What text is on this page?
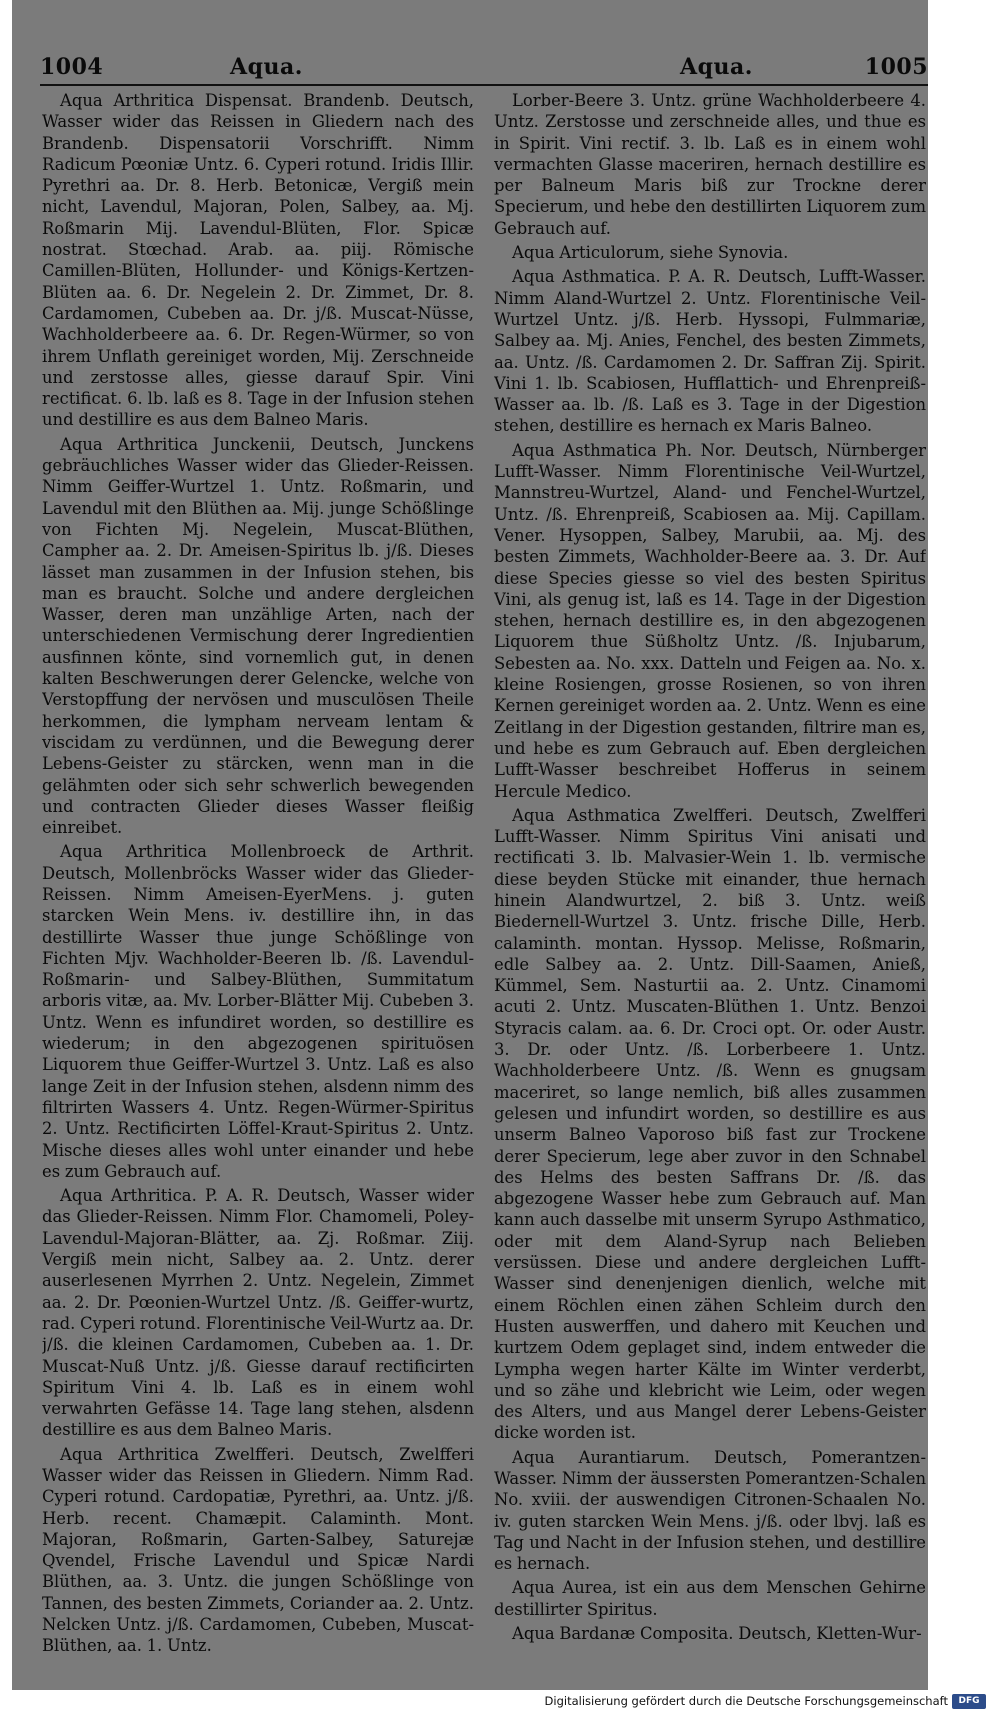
1004	Aqua.	Aqua.	1005

Aqua Arthritica Dispensat. Brandenb. Deutsch, Wasser wider das Reissen in Gliedern nach des Brandenb. Dispensatorii Vorschrifft. Nimm Radicum Pœoniæ Untz. 6. Cyperi rotund. Iridis Illir. Pyrethri aa. Dr. 8. Herb. Betonicæ, Vergiß mein nicht, Lavendul, Majoran, Polen, Salbey, aa. Mj. Roßmarin Mij. Lavendul-Blüten, Flor. Spicæ nostrat. Stœchad. Arab. aa. piij. Römische Camillen-Blüten, Hollunder- und Königs-Kertzen-Blüten aa. 6. Dr. Negelein 2. Dr. Zimmet, Dr. 8. Cardamomen, Cubeben aa. Dr. j/ß. Muscat-Nüsse, Wachholderbeere aa. 6. Dr. Regen-Würmer, so von ihrem Unflath gereiniget worden, Mij. Zerschneide und zerstosse alles, giesse darauf Spir. Vini rectificat. 6. lb. laß es 8. Tage in der Infusion stehen und destillire es aus dem Balneo Maris.

Aqua Arthritica Junckenii, Deutsch, Junckens gebräuchliches Wasser wider das Glieder-Reissen. Nimm Geiffer-Wurtzel 1. Untz. Roßmarin, und Lavendul mit den Blüthen aa. Mij. junge Schößlinge von Fichten Mj. Negelein, Muscat-Blüthen, Campher aa. 2. Dr. Ameisen-Spiritus lb. j/ß. Dieses lässet man zusammen in der Infusion stehen, bis man es braucht. Solche und andere dergleichen Wasser, deren man unzählige Arten, nach der unterschiedenen Vermischung derer Ingredientien ausfinnen könte, sind vornemlich gut, in denen kalten Beschwerungen derer Gelencke, welche von Verstopffung der nervösen und musculösen Theile herkommen, die lympham nerveam lentam & viscidam zu verdünnen, und die Bewegung derer Lebens-Geister zu stärcken, wenn man in die gelähmten oder sich sehr schwerlich bewegenden und contracten Glieder dieses Wasser fleißig einreibet.

Aqua Arthritica Mollenbroeck de Arthrit. Deutsch, Mollenbröcks Wasser wider das Glieder-Reissen. Nimm Ameisen-EyerMens. j. guten starcken Wein Mens. iv. destillire ihn, in das destillirte Wasser thue junge Schößlinge von Fichten Mjv. Wachholder-Beeren lb. /ß. Lavendul-Roßmarin- und Salbey-Blüthen, Summitatum arboris vitæ, aa. Mv. Lorber-Blätter Mij. Cubeben 3. Untz. Wenn es infundiret worden, so destillire es wiederum; in den abgezogenen spirituösen Liquorem thue Geiffer-Wurtzel 3. Untz. Laß es also lange Zeit in der Infusion stehen, alsdenn nimm des filtrirten Wassers 4. Untz. Regen-Würmer-Spiritus 2. Untz. Rectificirten Löffel-Kraut-Spiritus 2. Untz. Mische dieses alles wohl unter einander und hebe es zum Gebrauch auf.

Aqua Arthritica. P. A. R. Deutsch, Wasser wider das Glieder-Reissen. Nimm Flor. Chamomeli, Poley-Lavendul-Majoran-Blätter, aa. Zj. Roßmar. Ziij. Vergiß mein nicht, Salbey aa. 2. Untz. derer auserlesenen Myrrhen 2. Untz. Negelein, Zimmet aa. 2. Dr. Pœonien-Wurtzel Untz. /ß. Geiffer-wurtz, rad. Cyperi rotund. Florentinische Veil-Wurtz aa. Dr. j/ß. die kleinen Cardamomen, Cubeben aa. 1. Dr. Muscat-Nuß Untz. j/ß. Giesse darauf rectificirten Spiritum Vini 4. lb. Laß es in einem wohl verwahrten Gefässe 14. Tage lang stehen, alsdenn destillire es aus dem Balneo Maris.

Aqua Arthritica Zwelfferi. Deutsch, Zwelfferi Wasser wider das Reissen in Gliedern. Nimm Rad. Cyperi rotund. Cardopatiæ, Pyrethri, aa. Untz. j/ß. Herb. recent. Chamæpit. Calaminth. Mont. Majoran, Roßmarin, Garten-Salbey, Saturejæ Qvendel, Frische Lavendul und Spicæ Nardi Blüthen, aa. 3. Untz. die jungen Schößlinge von Tannen, des besten Zimmets, Coriander aa. 2. Untz. Nelcken Untz. j/ß. Cardamomen, Cubeben, Muscat-Blüthen, aa. 1. Untz.

Lorber-Beere 3. Untz. grüne Wachholderbeere 4. Untz. Zerstosse und zerschneide alles, und thue es in Spirit. Vini rectif. 3. lb. Laß es in einem wohl vermachten Glasse maceriren, hernach destillire es per Balneum Maris biß zur Trockne derer Specierum, und hebe den destillirten Liquorem zum Gebrauch auf.

Aqua Articulorum, siehe Synovia.

Aqua Asthmatica. P. A. R. Deutsch, Lufft-Wasser. Nimm Aland-Wurtzel 2. Untz. Florentinische Veil-Wurtzel Untz. j/ß. Herb. Hyssopi, Fulmmariæ, Salbey aa. Mj. Anies, Fenchel, des besten Zimmets, aa. Untz. /ß. Cardamomen 2. Dr. Saffran Zij. Spirit. Vini 1. lb. Scabiosen, Hufflattich- und Ehrenpreiß-Wasser aa. lb. /ß. Laß es 3. Tage in der Digestion stehen, destillire es hernach ex Maris Balneo.

Aqua Asthmatica Ph. Nor. Deutsch, Nürnberger Lufft-Wasser. Nimm Florentinische Veil-Wurtzel, Mannstreu-Wurtzel, Aland- und Fenchel-Wurtzel, Untz. /ß. Ehrenpreiß, Scabiosen aa. Mij. Capillam. Vener. Hysoppen, Salbey, Marubii, aa. Mj. des besten Zimmets, Wachholder-Beere aa. 3. Dr. Auf diese Species giesse so viel des besten Spiritus Vini, als genug ist, laß es 14. Tage in der Digestion stehen, hernach destillire es, in den abgezogenen Liquorem thue Süßholtz Untz. /ß. Injubarum, Sebesten aa. No. xxx. Datteln und Feigen aa. No. x. kleine Rosiengen, grosse Rosienen, so von ihren Kernen gereiniget worden aa. 2. Untz. Wenn es eine Zeitlang in der Digestion gestanden, filtrire man es, und hebe es zum Gebrauch auf. Eben dergleichen Lufft-Wasser beschreibet Hofferus in seinem Hercule Medico.

Aqua Asthmatica Zwelfferi. Deutsch, Zwelfferi Lufft-Wasser. Nimm Spiritus Vini anisati und rectificati 3. lb. Malvasier-Wein 1. lb. vermische diese beyden Stücke mit einander, thue hernach hinein Alandwurtzel, 2. biß 3. Untz. weiß Biedernell-Wurtzel 3. Untz. frische Dille, Herb. calaminth. montan. Hyssop. Melisse, Roßmarin, edle Salbey aa. 2. Untz. Dill-Saamen, Anieß, Kümmel, Sem. Nasturtii aa. 2. Untz. Cinamomi acuti 2. Untz. Muscaten-Blüthen 1. Untz. Benzoi Styracis calam. aa. 6. Dr. Croci opt. Or. oder Austr. 3. Dr. oder Untz. /ß. Lorberbeere 1. Untz. Wachholderbeere Untz. /ß. Wenn es gnugsam maceriret, so lange nemlich, biß alles zusammen gelesen und infundirt worden, so destillire es aus unserm Balneo Vaporoso biß fast zur Trockene derer Specierum, lege aber zuvor in den Schnabel des Helms des besten Saffrans Dr. /ß. das abgezogene Wasser hebe zum Gebrauch auf. Man kann auch dasselbe mit unserm Syrupo Asthmatico, oder mit dem Aland-Syrup nach Belieben versüssen. Diese und andere dergleichen Lufft-Wasser sind denenjenigen dienlich, welche mit einem Röchlen einen zähen Schleim durch den Husten auswerffen, und dahero mit Keuchen und kurtzem Odem geplaget sind, indem entweder die Lympha wegen harter Kälte im Winter verderbt, und so zähe und klebricht wie Leim, oder wegen des Alters, und aus Mangel derer Lebens-Geister dicke worden ist.

Aqua Aurantiarum. Deutsch, Pomerantzen-Wasser. Nimm der äussersten Pomerantzen-Schalen No. xviii. der auswendigen Citronen-Schaalen No. iv. guten starcken Wein Mens. j/ß. oder lbvj. laß es Tag und Nacht in der Infusion stehen, und destillire es hernach.

Aqua Aurea, ist ein aus dem Menschen Gehirne destillirter Spiritus.

Aqua Bardanæ Composita. Deutsch, Kletten-Wur-

Digitalisierung gefördert durch die Deutsche Forschungsgemeinschaft	DFG
